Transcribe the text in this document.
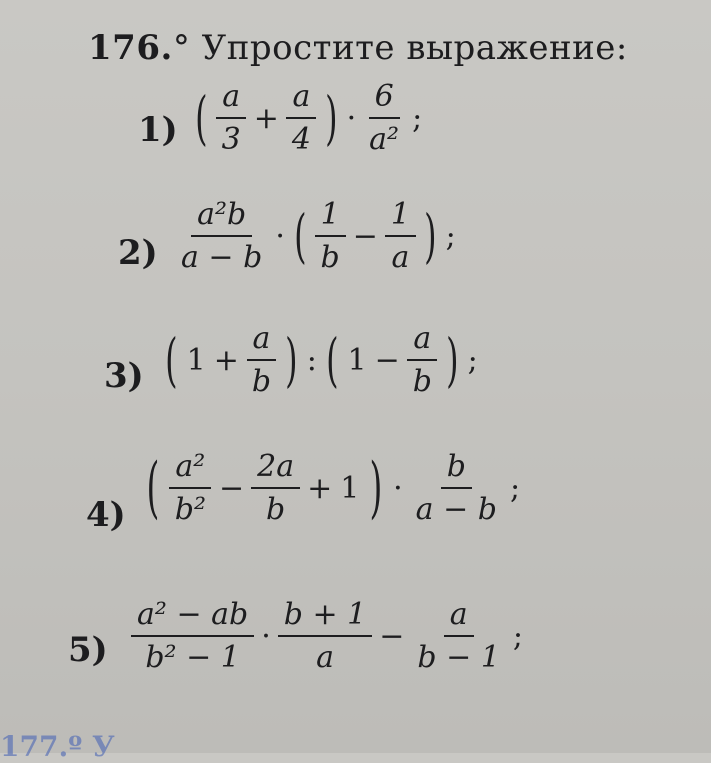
176.° Упростите выражение:
1) ( $\frac{a}{3} + \frac{a}{4}$ ) · $\frac{6}{\text{a²}}$ ;
$2) \frac{\text{a²b}}{a - b}$ · ( $\frac{1}{b} - \frac{1}{a}$ ) ;
3) ( $1 + \frac{a}{b}$ ) : ( $1 - \frac{a}{b}$ ) ;
4) ( $\frac{\text{a²}}{\text{b²}} - \frac{2a}{b} + 1$ ) · $\frac{b}{a - b}$ ;
$5) \frac{\text{a² − ab}}{\text{b² − 1}} \cdot \frac{b + 1}{a} - \frac{a}{b - 1}$ ;
177.º У
